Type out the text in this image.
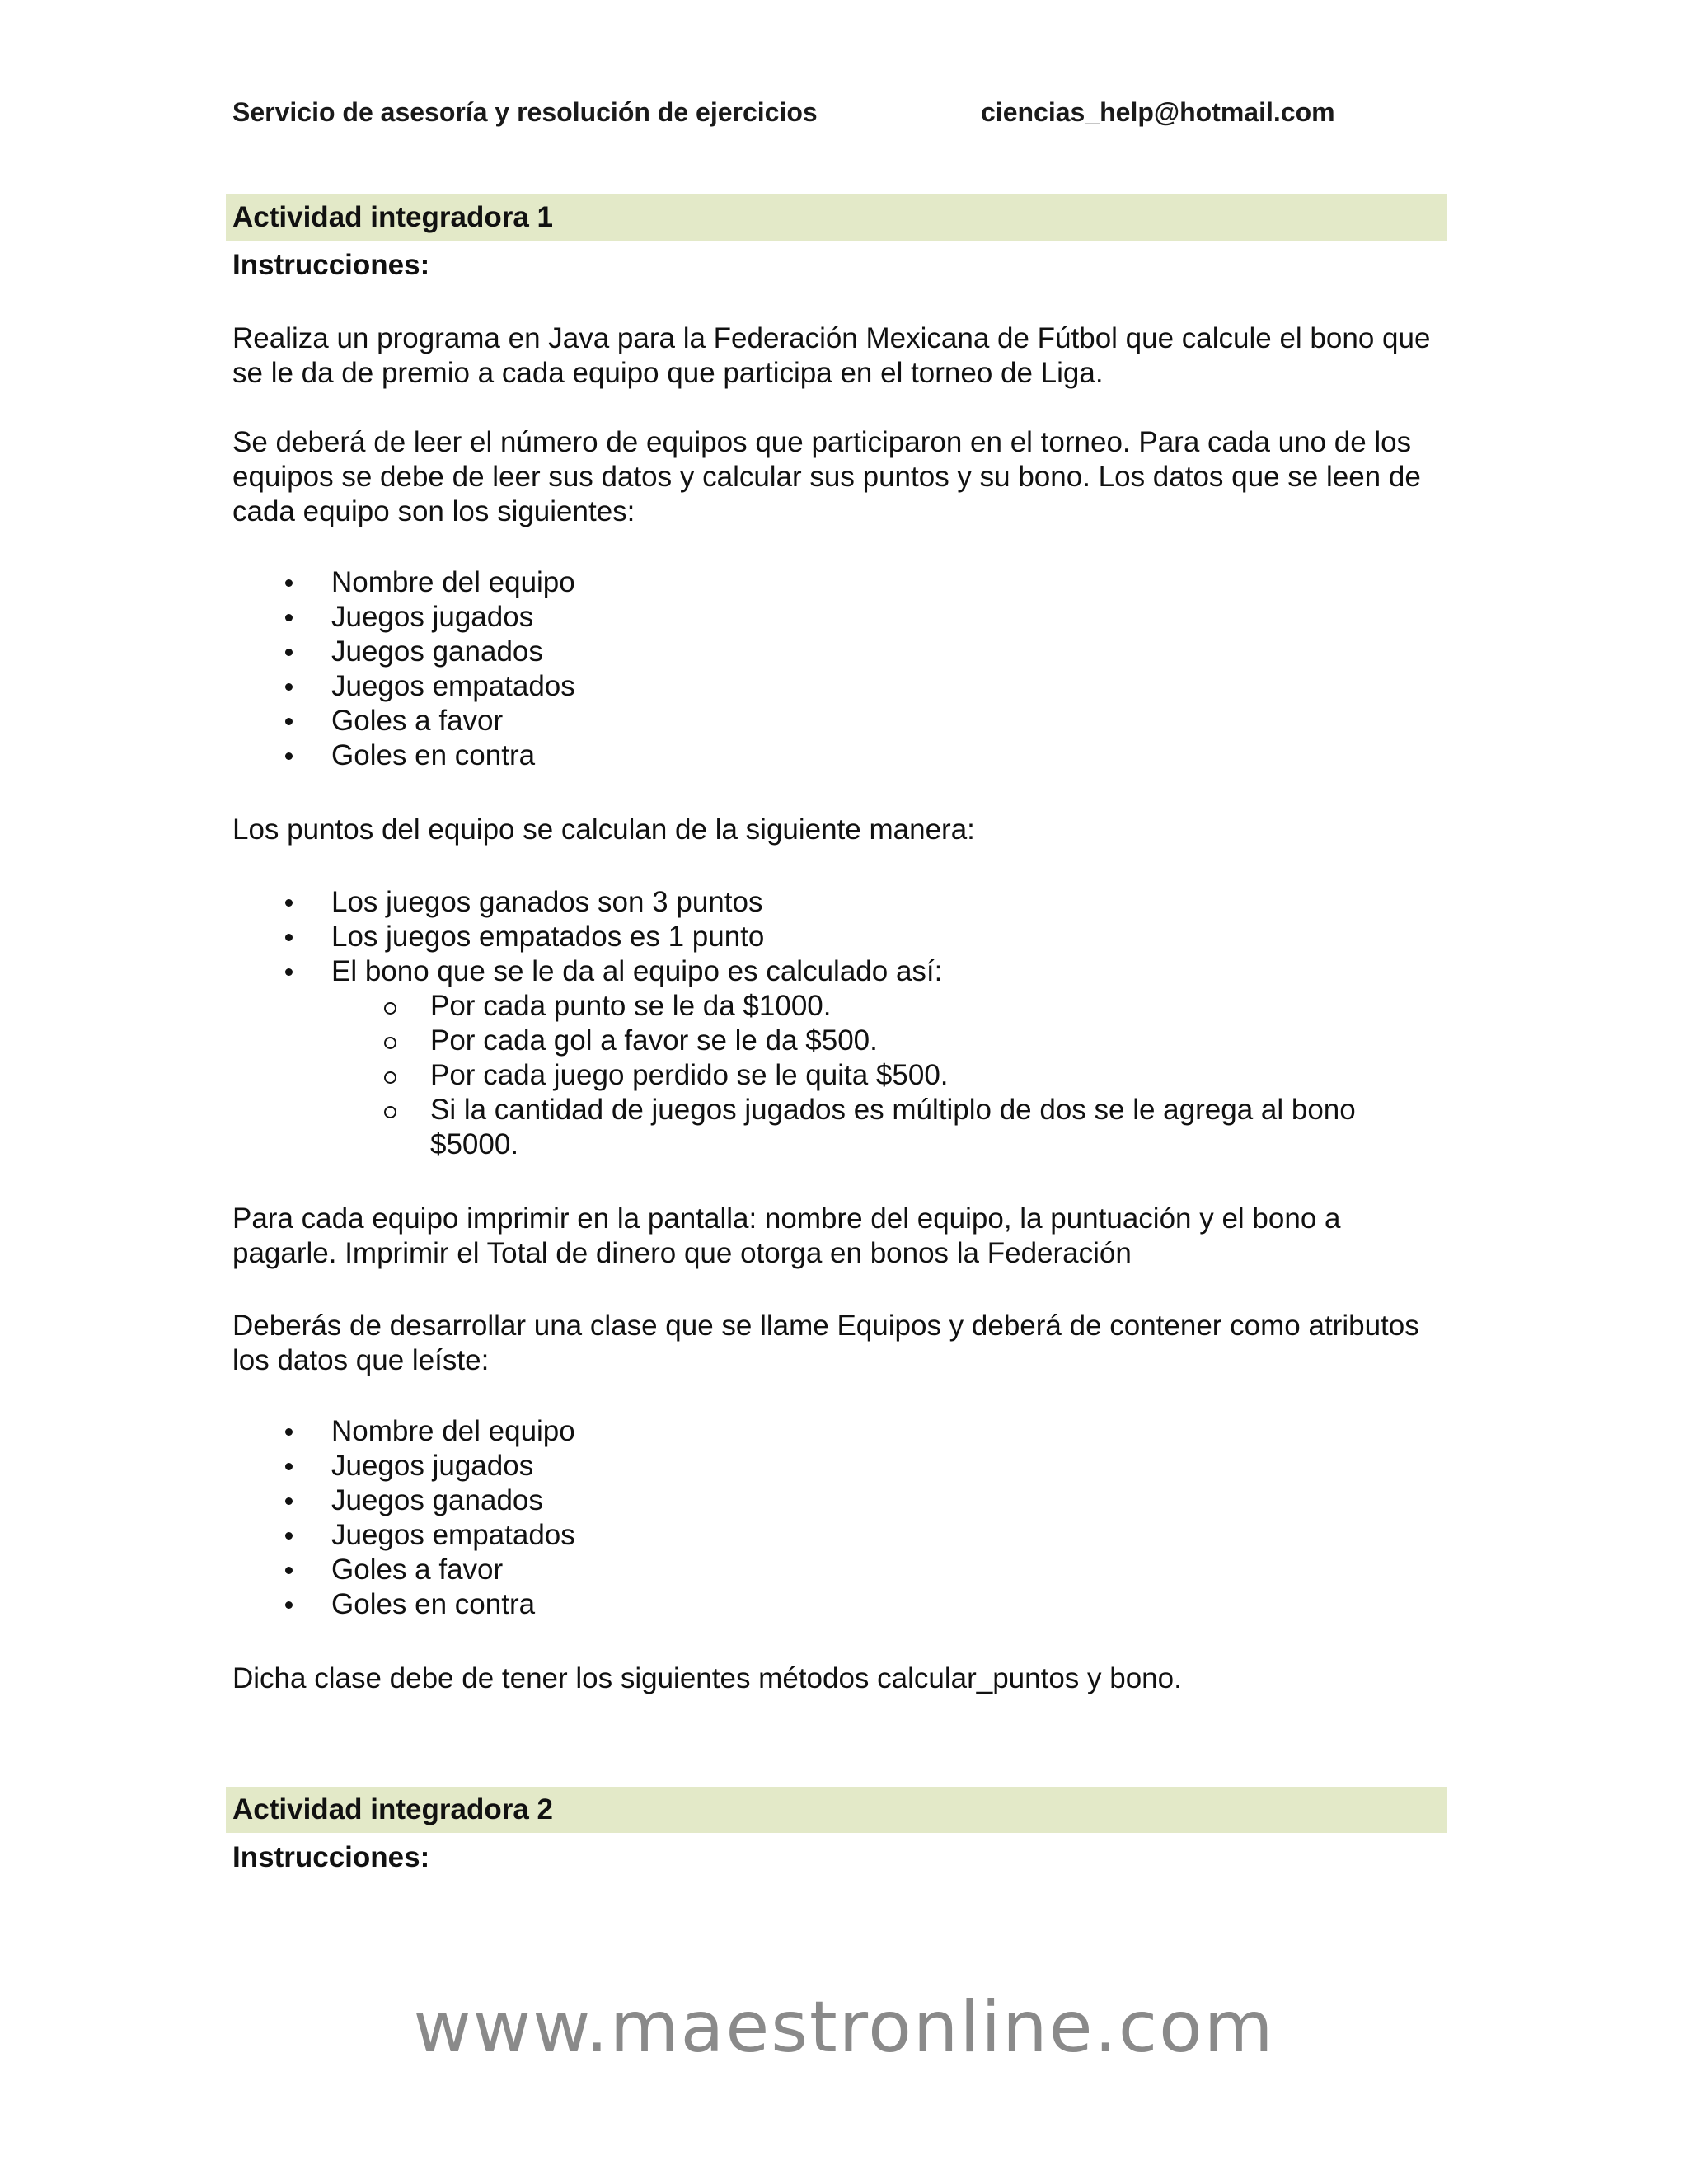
Servicio de asesoría y resolución de ejercicios	ciencias_help@hotmail.com
Actividad integradora 1
Instrucciones:

Realiza un programa en Java para la Federación Mexicana de Fútbol que calcule el bono que se le da de premio a cada equipo que participa en el torneo de Liga.

Se deberá de leer el número de equipos que participaron en el torneo. Para cada uno de los equipos se debe de leer sus datos y calcular sus puntos y su bono. Los datos que se leen de cada equipo son los siguientes:

Nombre del equipo
Juegos jugados
Juegos ganados
Juegos empatados
Goles a favor
Goles en contra

Los puntos del equipo se calculan de la siguiente manera:

Los juegos ganados son 3 puntos
Los juegos empatados es 1 punto
El bono que se le da al equipo es calculado así:
Por cada punto se le da $1000.
Por cada gol a favor se le da $500.
Por cada juego perdido se le quita $500.
Si la cantidad de juegos jugados es múltiplo de dos se le agrega al bono $5000.

Para cada equipo imprimir en la pantalla: nombre del equipo, la puntuación y el bono a pagarle. Imprimir el Total de dinero que otorga en bonos la Federación

Deberás de desarrollar una clase que se llame Equipos y deberá de contener como atributos los datos que leíste:

Nombre del equipo
Juegos jugados
Juegos ganados
Juegos empatados
Goles a favor
Goles en contra

Dicha clase debe de tener los siguientes métodos calcular_puntos y bono.

Actividad integradora 2
Instrucciones:
www.maestronline.com
